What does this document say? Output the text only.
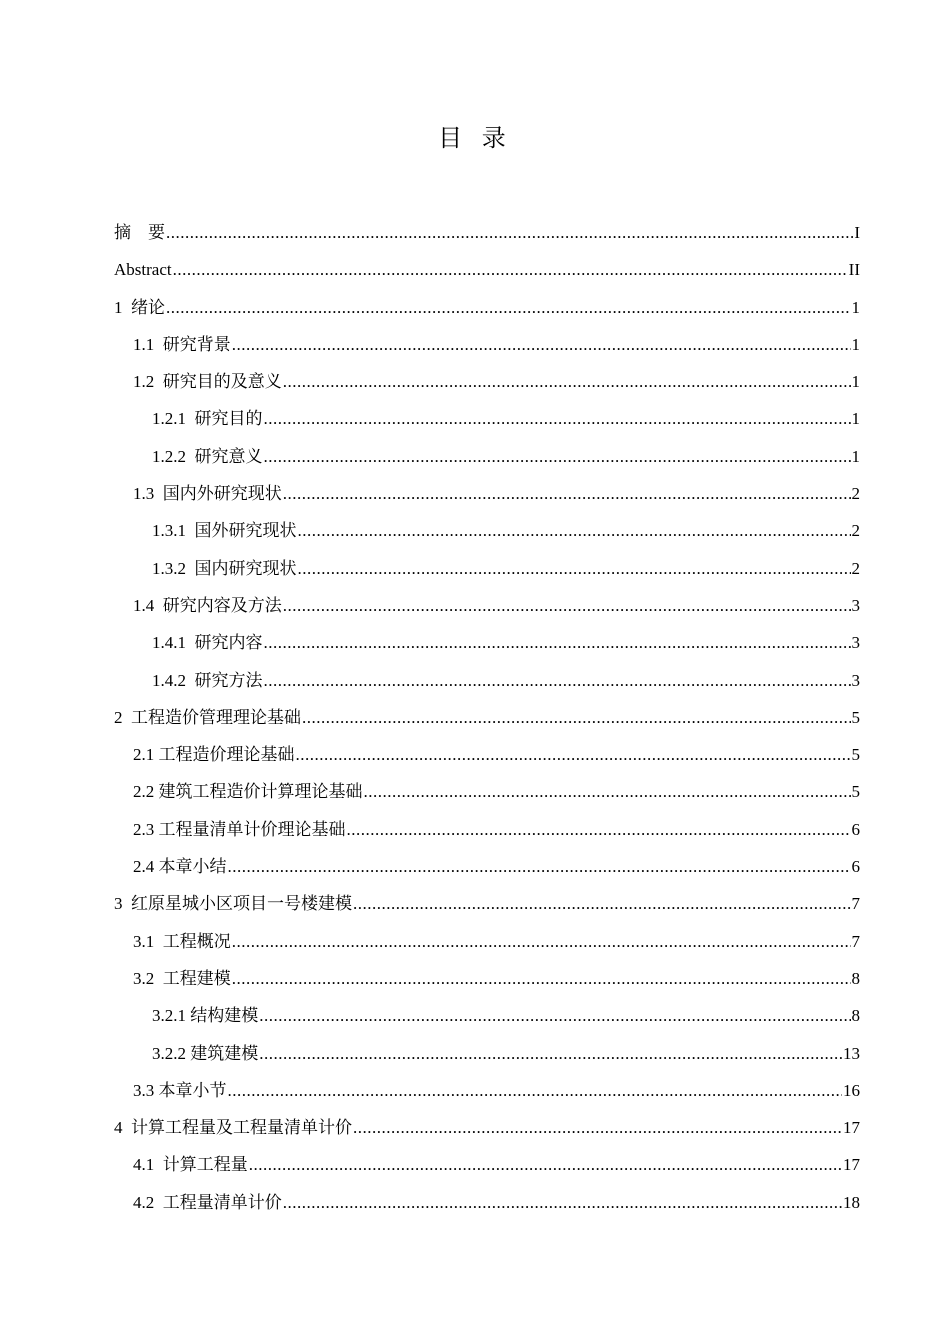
目 录
摘    要 .....	I
Abstract .....	II
1  绪论 .....	1
1.1  研究背景 .....	1
1.2  研究目的及意义 .....	1
1.2.1  研究目的 .....	1
1.2.2  研究意义 .....	1
1.3  国内外研究现状 .....	2
1.3.1  国外研究现状 .....	2
1.3.2  国内研究现状 .....	2
1.4  研究内容及方法 .....	3
1.4.1  研究内容 .....	3
1.4.2  研究方法 .....	3
2  工程造价管理理论基础 .....	5
2.1 工程造价理论基础 .....	5
2.2 建筑工程造价计算理论基础 .....	5
2.3 工程量清单计价理论基础 .....	6
2.4 本章小结 .....	6
3  红原星城小区项目一号楼建模 .....	7
3.1  工程概况 .....	7
3.2  工程建模 .....	8
3.2.1 结构建模 .....	8
3.2.2 建筑建模 .....	13
3.3 本章小节 .....	16
4  计算工程量及工程量清单计价 .....	17
4.1  计算工程量 .....	17
4.2  工程量清单计价 .....	18
